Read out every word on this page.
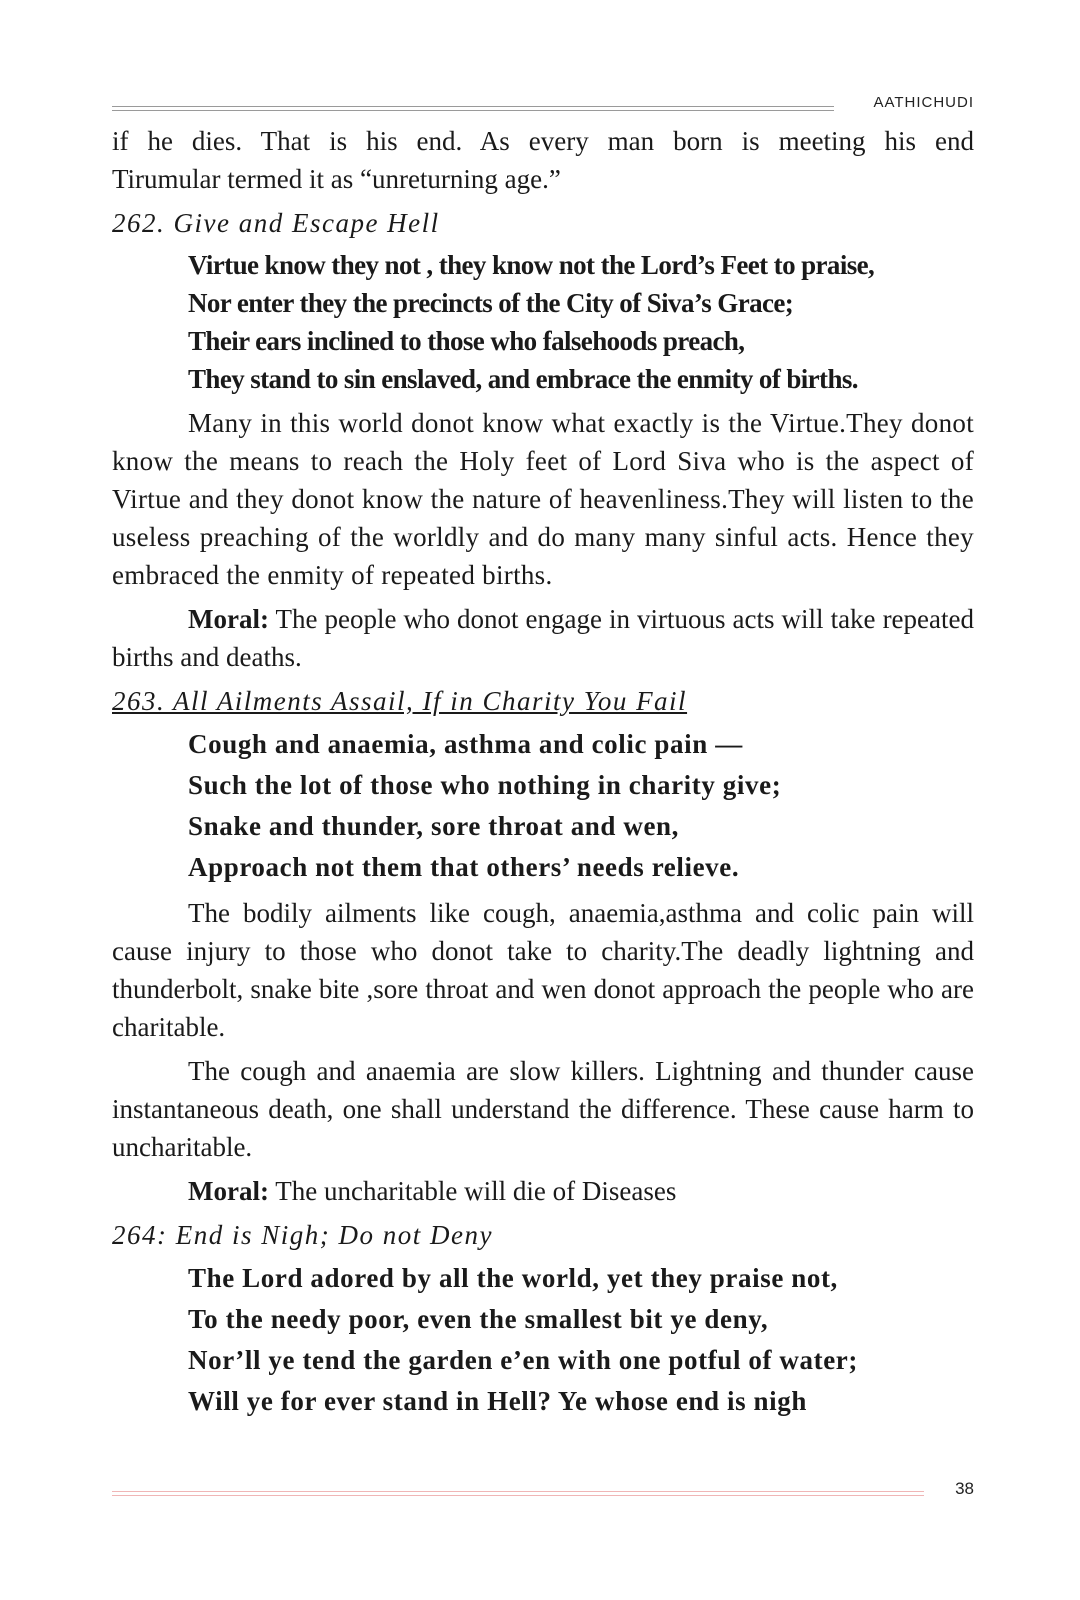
AATHICHUDI

if he dies. That is his end. As every man born is meeting his end

Tirumular termed it as “unreturning age.”

262. Give and Escape Hell
Virtue know they not , they know not the Lord’s Feet to praise,
Nor enter they the precincts of the City of Siva’s Grace;
Their ears inclined to those who falsehoods preach,
They stand to sin enslaved, and embrace the enmity of births.

Many in this world donot know what exactly is the Virtue.They donot know the means to reach the Holy feet of Lord Siva who is the aspect of Virtue and they donot know the nature of heavenliness.They will listen to the useless preaching of the worldly and do many many sinful acts. Hence they embraced the enmity of repeated births.

Moral: The people who donot engage in virtuous acts will take repeated births and deaths.

263. All Ailments Assail, If in Charity You Fail
Cough and anaemia, asthma and colic pain —
Such the lot of those who nothing in charity give;
Snake and thunder, sore throat and wen,
Approach not them that others’ needs relieve.

The bodily ailments like cough, anaemia,asthma and colic pain will cause injury to those who donot take to charity.The deadly lightning and thunderbolt, snake bite ,sore throat and wen donot approach the people who are charitable.

The cough and anaemia are slow killers. Lightning and thunder cause instantaneous death, one shall understand the difference. These cause harm to uncharitable.

Moral: The uncharitable will die of Diseases

264: End is Nigh; Do not Deny
The Lord adored by all the world, yet they praise not,
To the needy poor, even the smallest bit ye deny,
Nor’ll ye tend the garden e’en with one potful of water;
Will ye for ever stand in Hell? Ye whose end is nigh
38
